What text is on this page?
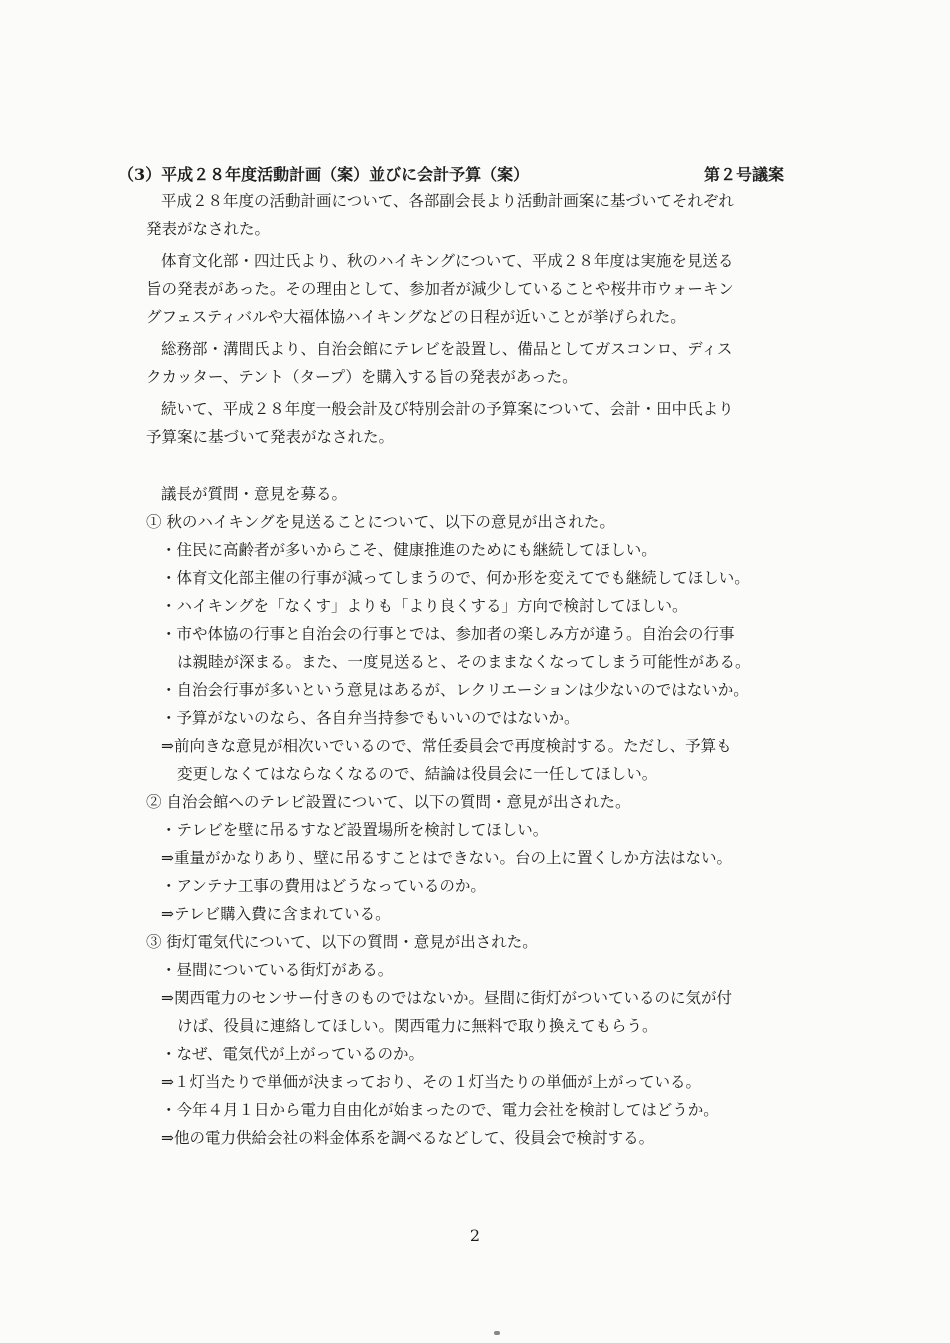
（3）平成２８年度活動計画（案）並びに会計予算（案）	第２号議案
平成２８年度の活動計画について、各部副会長より活動計画案に基づいてそれぞれ
発表がなされた。
体育文化部・四辻氏より、秋のハイキングについて、平成２８年度は実施を見送る
旨の発表があった。その理由として、参加者が減少していることや桜井市ウォーキン
グフェスティバルや大福体協ハイキングなどの日程が近いことが挙げられた。
総務部・溝間氏より、自治会館にテレビを設置し、備品としてガスコンロ、ディス
クカッター、テント（タープ）を購入する旨の発表があった。
続いて、平成２８年度一般会計及び特別会計の予算案について、会計・田中氏より
予算案に基づいて発表がなされた。
議長が質問・意見を募る。
① 秋のハイキングを見送ることについて、以下の意見が出された。
・住民に高齢者が多いからこそ、健康推進のためにも継続してほしい。
・体育文化部主催の行事が減ってしまうので、何か形を変えてでも継続してほしい。
・ハイキングを「なくす」よりも「より良くする」方向で検討してほしい。
・市や体協の行事と自治会の行事とでは、参加者の楽しみ方が違う。自治会の行事
は親睦が深まる。また、一度見送ると、そのままなくなってしまう可能性がある。
・自治会行事が多いという意見はあるが、レクリエーションは少ないのではないか。
・予算がないのなら、各自弁当持参でもいいのではないか。
⇒前向きな意見が相次いでいるので、常任委員会で再度検討する。ただし、予算も
変更しなくてはならなくなるので、結論は役員会に一任してほしい。
② 自治会館へのテレビ設置について、以下の質問・意見が出された。
・テレビを壁に吊るすなど設置場所を検討してほしい。
⇒重量がかなりあり、壁に吊るすことはできない。台の上に置くしか方法はない。
・アンテナ工事の費用はどうなっているのか。
⇒テレビ購入費に含まれている。
③ 街灯電気代について、以下の質問・意見が出された。
・昼間についている街灯がある。
⇒関西電力のセンサー付きのものではないか。昼間に街灯がついているのに気が付
けば、役員に連絡してほしい。関西電力に無料で取り換えてもらう。
・なぜ、電気代が上がっているのか。
⇒１灯当たりで単価が決まっており、その１灯当たりの単価が上がっている。
・今年４月１日から電力自由化が始まったので、電力会社を検討してはどうか。
⇒他の電力供給会社の料金体系を調べるなどして、役員会で検討する。
2
